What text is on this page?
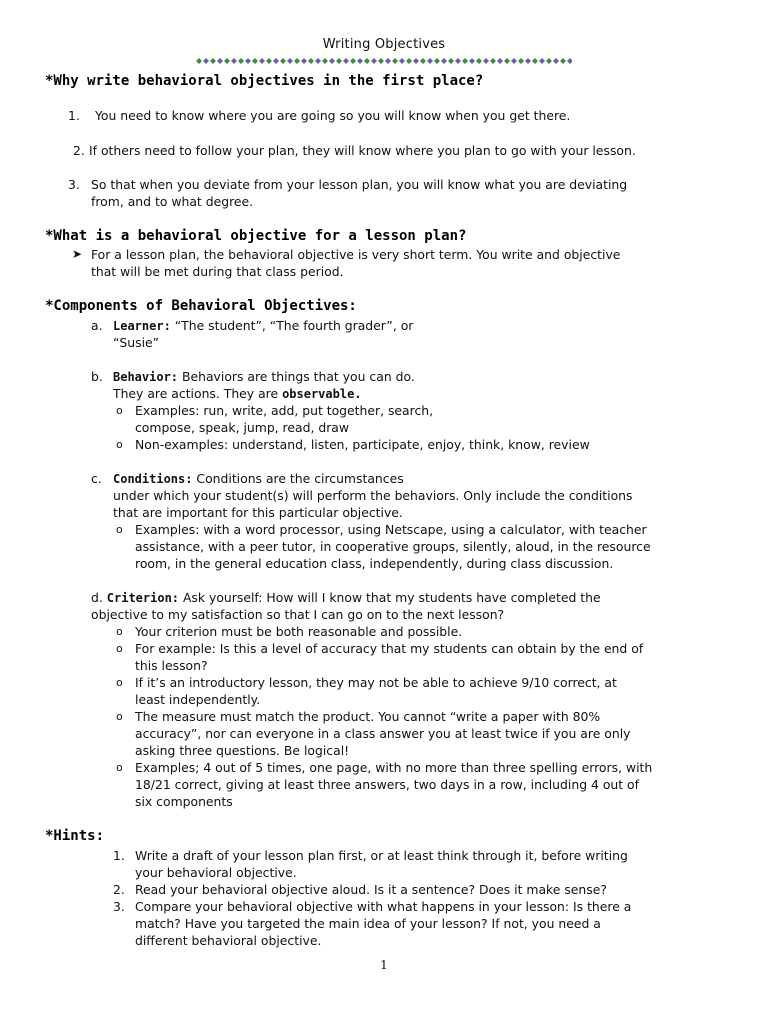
Writing Objectives
*Why write behavioral objectives in the first place?
1. You need to know where you are going so you will know when you get there.
2. If others need to follow your plan, they will know where you plan to go with your lesson.
3. So that when you deviate from your lesson plan, you will know what you are deviating
from, and to what degree.
*What is a behavioral objective for a lesson plan?
➤ For a lesson plan, the behavioral objective is very short term. You write and objective
that will be met during that class period.
*Components of Behavioral Objectives:
a. Learner: “The student”, “The fourth grader”, or
“Susie”
b. Behavior: Behaviors are things that you can do.
They are actions. They are observable.
o Examples: run, write, add, put together, search,
compose, speak, jump, read, draw
o Non-examples: understand, listen, participate, enjoy, think, know, review
c. Conditions: Conditions are the circumstances
under which your student(s) will perform the behaviors. Only include the conditions
that are important for this particular objective.
o Examples: with a word processor, using Netscape, using a calculator, with teacher
assistance, with a peer tutor, in cooperative groups, silently, aloud, in the resource
room, in the general education class, independently, during class discussion.
d. Criterion: Ask yourself: How will I know that my students have completed the
objective to my satisfaction so that I can go on to the next lesson?
o Your criterion must be both reasonable and possible.
o For example: Is this a level of accuracy that my students can obtain by the end of
this lesson?
o If it’s an introductory lesson, they may not be able to achieve 9/10 correct, at
least independently.
o The measure must match the product. You cannot “write a paper with 80%
accuracy”, nor can everyone in a class answer you at least twice if you are only
asking three questions. Be logical!
o Examples; 4 out of 5 times, one page, with no more than three spelling errors, with
18/21 correct, giving at least three answers, two days in a row, including 4 out of
six components
*Hints:
1. Write a draft of your lesson plan first, or at least think through it, before writing
your behavioral objective.
2. Read your behavioral objective aloud. Is it a sentence? Does it make sense?
3. Compare your behavioral objective with what happens in your lesson: Is there a
match? Have you targeted the main idea of your lesson? If not, you need a
different behavioral objective.
1
